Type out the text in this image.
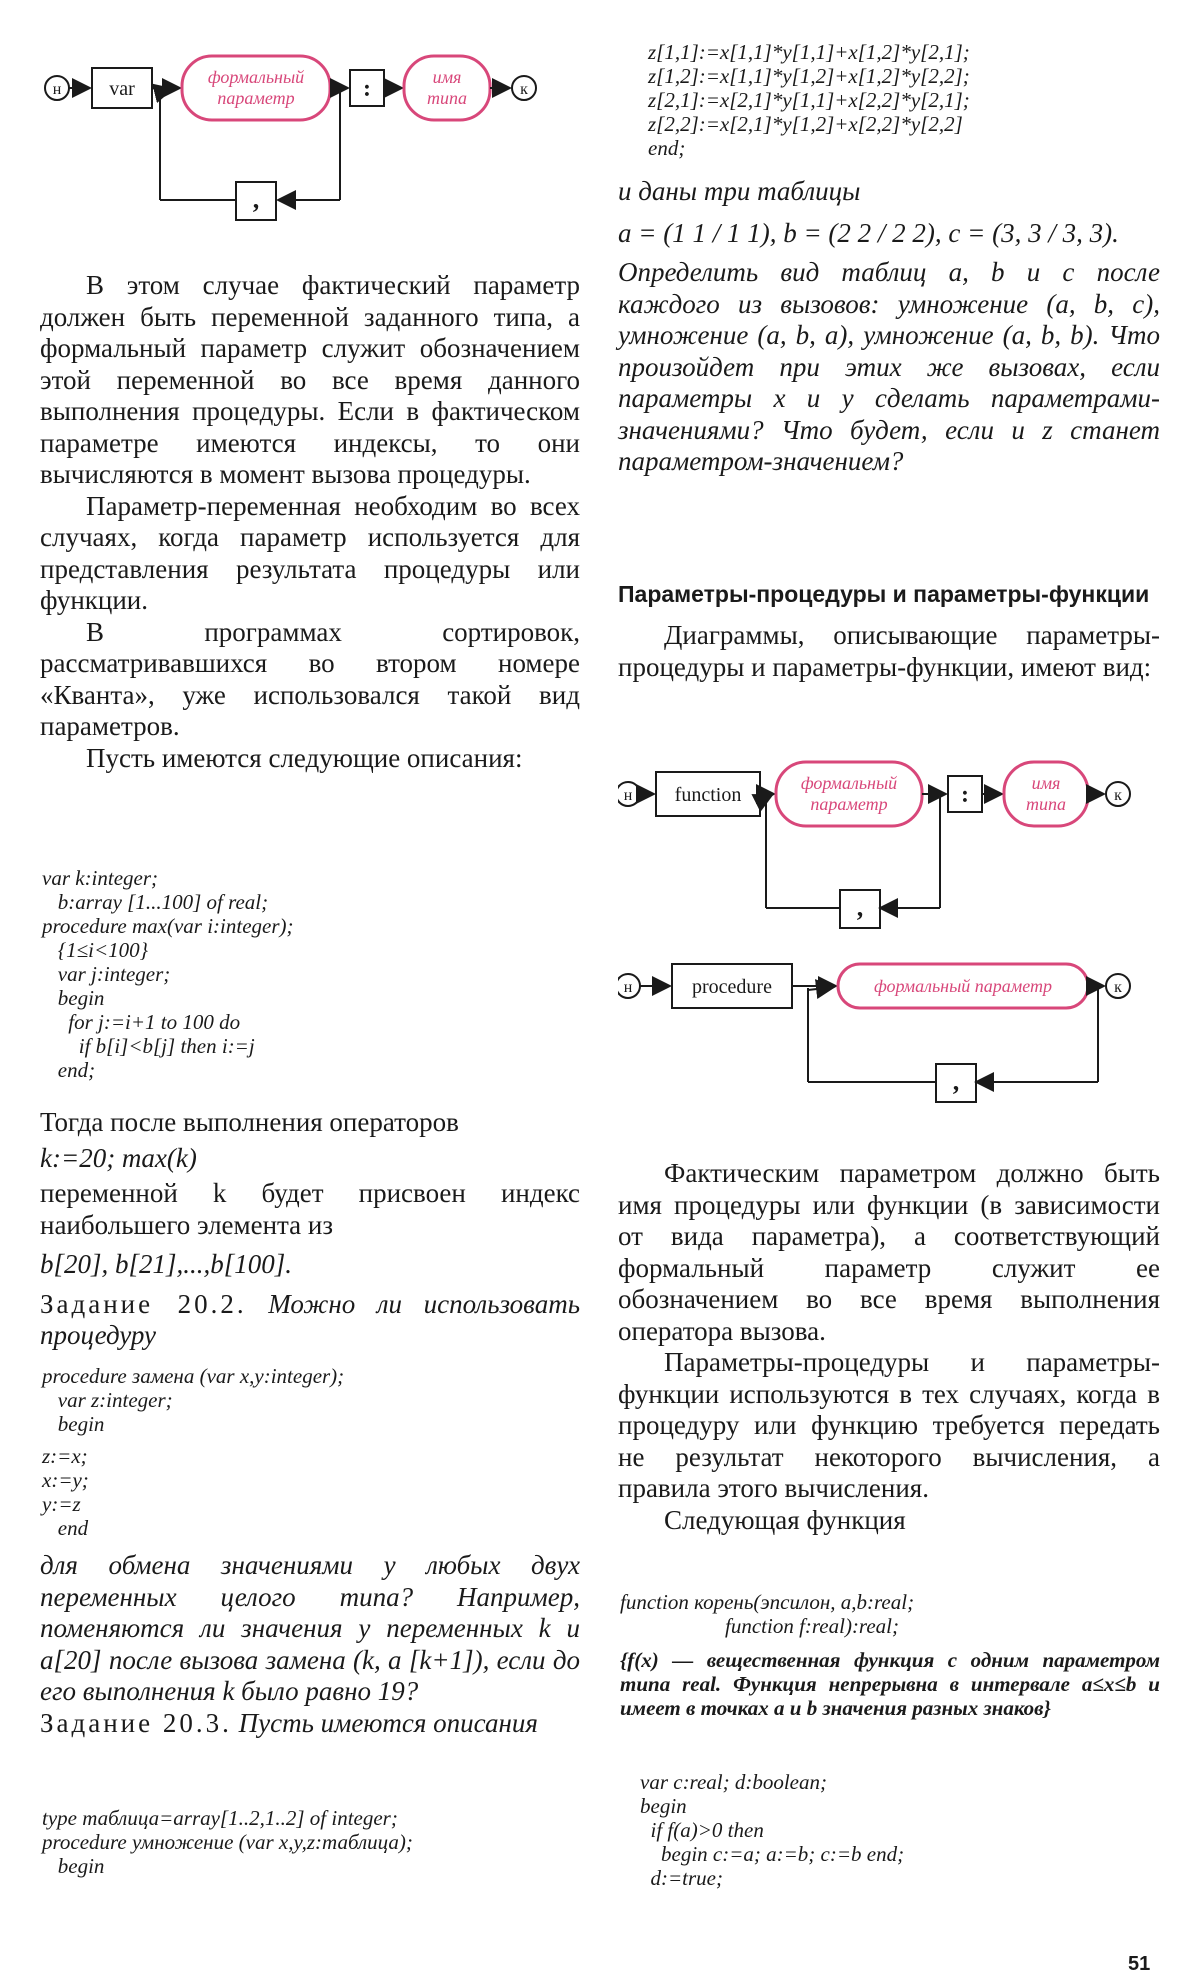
н var
формальный
параметр	:	имя
типа	к
,

В этом случае фактический параметр должен быть переменной заданного типа, а формальный параметр служит обозначением этой переменной во все время данного выполнения процедуры. Если в фактическом параметре имеются индексы, то они вычисляются в момент вызова процедуры.

Параметр-переменная необходим во всех случаях, когда параметр используется для представления результата процедуры или функции.

В программах сортировок, рассматривавшихся во втором номере «Кванта», уже использовался такой вид параметров.

Пусть имеются следующие описания:

var k:integer;
b:array [1...100] of real;
procedure max(var i:integer);
{1≤i<100}
var j:integer;
begin
for j:=i+1 to 100 do
if b[i]<b[j] then i:=j
end;

Тогда после выполнения операторов

k:=20; max(k)

переменной k будет присвоен индекс наибольшего элемента из

b[20], b[21],...,b[100].

Задание 20.2. Можно ли использовать процедуру

procedure замена (var x,y:integer);
var z:integer;
begin
z:=x;
x:=y;
y:=z
end

для обмена значениями у любых двух переменных целого типа? Например, поменяются ли значения у переменных k и a[20] после вызова замена (k, a [k+1]), если до его выполнения k было равно 19?

Задание 20.3. Пусть имеются описания

type таблица=array[1..2,1..2] of integer;
procedure умножение (var x,y,z:таблица);
begin
z[1,1]:=x[1,1]*y[1,1]+x[1,2]*y[2,1];
z[1,2]:=x[1,1]*y[1,2]+x[1,2]*y[2,2];
z[2,1]:=x[2,1]*y[1,1]+x[2,2]*y[2,1];
z[2,2]:=x[2,1]*y[1,2]+x[2,2]*y[2,2]
end;

и даны три таблицы

a = (1 1 / 1 1), b = (2 2 / 2 2), c = (3, 3 / 3, 3).

Определить вид таблиц a, b и c после каждого из вызовов: умножение (a, b, c), умножение (a, b, a), умножение (a, b, b). Что произойдет при этих же вызовах, если параметры x и y сделать параметрами-значениями? Что будет, если и z станет параметром-значением?

Параметры-процедуры и параметры-функции

Диаграммы, описывающие параметры-процедуры и параметры-функции, имеют вид:

н function
формальный
параметр	:	имя
типа	к
,
н	procedure	формальный параметр	к
,

Фактическим параметром должно быть имя процедуры или функции (в зависимости от вида параметра), а соответствующий формальный параметр служит ее обозначением во все время выполнения оператора вызова.

Параметры-процедуры и параметры-функции используются в тех случаях, когда в процедуру или функцию требуется передать не результат некоторого вычисления, а правила этого вычисления.

Следующая функция

function корень(эпсилон, a,b:real;
function f:real):real;

{f(x) — вещественная функция с одним параметром типа real. Функция непрерывна в интервале a≤x≤b и имеет в точках a и b значения разных знаков}

var c:real; d:boolean;
begin
if f(a)>0 then
begin c:=a; a:=b; c:=b end;
d:=true;
51
